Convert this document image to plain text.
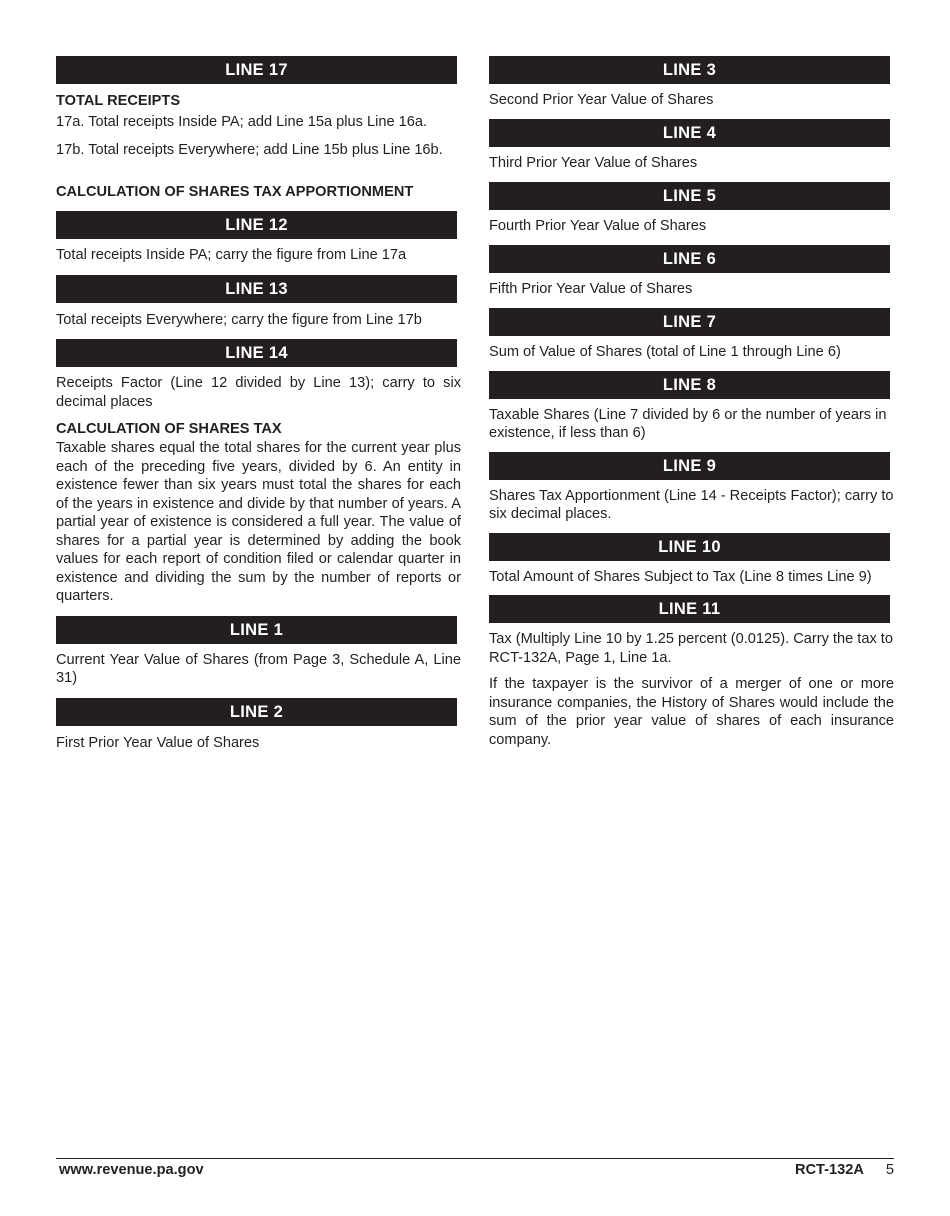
LINE 17
TOTAL RECEIPTS

17a. Total receipts Inside PA; add Line 15a plus Line 16a.

17b. Total receipts Everywhere; add Line 15b plus Line 16b.

CALCULATION OF SHARES TAX APPORTIONMENT
LINE 12

Total receipts Inside PA; carry the figure from Line 17a

LINE 13

Total receipts Everywhere; carry the figure from Line 17b

LINE 14

Receipts Factor (Line 12 divided by Line 13); carry to six decimal places

CALCULATION OF SHARES TAX

Taxable shares equal the total shares for the current year plus each of the preceding five years, divided by 6. An entity in existence fewer than six years must total the shares for each of the years in existence and divide by that number of years. A partial year of existence is considered a full year. The value of shares for a partial year is determined by adding the book values for each report of condition filed or calendar quarter in existence and dividing the sum by the number of reports or quarters.

LINE 1

Current Year Value of Shares (from Page 3, Schedule A, Line 31)

LINE 2

First Prior Year Value of Shares

LINE 3

Second Prior Year Value of Shares

LINE 4

Third Prior Year Value of Shares

LINE 5

Fourth Prior Year Value of Shares

LINE 6

Fifth Prior Year Value of Shares

LINE 7

Sum of Value of Shares (total of Line 1 through Line 6)

LINE 8

Taxable Shares (Line 7 divided by 6 or the number of years in existence, if less than 6)

LINE 9

Shares Tax Apportionment (Line 14 - Receipts Factor); carry to six decimal places.

LINE 10

Total Amount of Shares Subject to Tax (Line 8 times Line 9)

LINE 11

Tax (Multiply Line 10 by 1.25 percent (0.0125). Carry the tax to RCT-132A, Page 1, Line 1a.

If the taxpayer is the survivor of a merger of one or more insurance companies, the History of Shares would include the sum of the prior year value of shares of each insurance company.

www.revenue.pa.gov	RCT-132A 5
